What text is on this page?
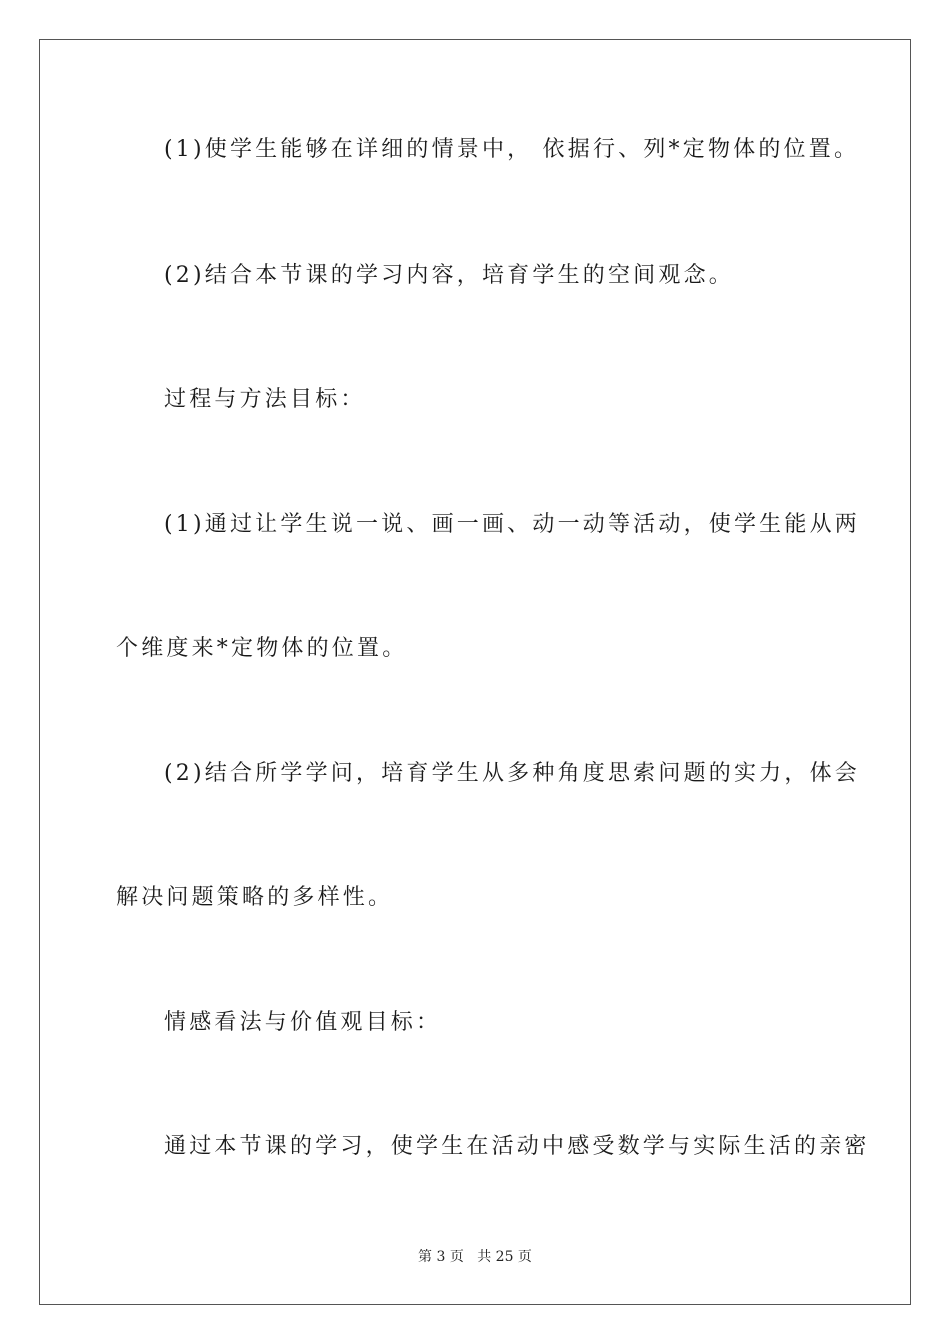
(1)使学生能够在详细的情景中， 依据行、列*定物体的位置。
(2)结合本节课的学习内容，培育学生的空间观念。
过程与方法目标：
(1)通过让学生说一说、画一画、动一动等活动，使学生能从两
个维度来*定物体的位置。
(2)结合所学学问，培育学生从多种角度思索问题的实力，体会
解决问题策略的多样性。
情感看法与价值观目标：
通过本节课的学习，使学生在活动中感受数学与实际生活的亲密
第 3 页 共 25 页
